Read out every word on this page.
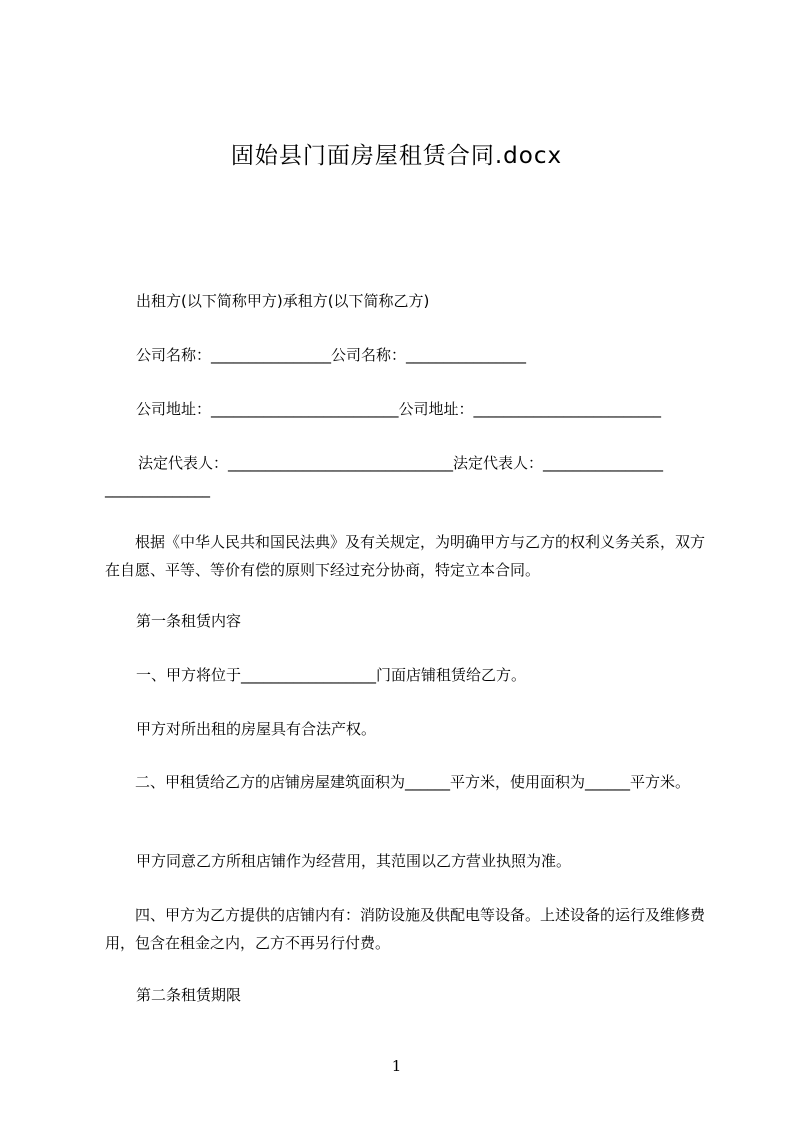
固始县门面房屋租赁合同.docx
出租方(以下简称甲方)承租方(以下简称乙方)
公司名称：________________公司名称：________________
公司地址：_________________________公司地址：_________________________
法定代表人：______________________________法定代表人：________________
______________
根据《中华人民共和国民法典》及有关规定，为明确甲方与乙方的权利义务关系，双方在自愿、平等、等价有偿的原则下经过充分协商，特定立本合同。
第一条租赁内容
一、甲方将位于__________________门面店铺租赁给乙方。
甲方对所出租的房屋具有合法产权。
二、甲租赁给乙方的店铺房屋建筑面积为______平方米，使用面积为______平方米。
甲方同意乙方所租店铺作为经营用，其范围以乙方营业执照为准。
四、甲方为乙方提供的店铺内有：消防设施及供配电等设备。上述设备的运行及维修费用，包含在租金之内，乙方不再另行付费。
第二条租赁期限
1
